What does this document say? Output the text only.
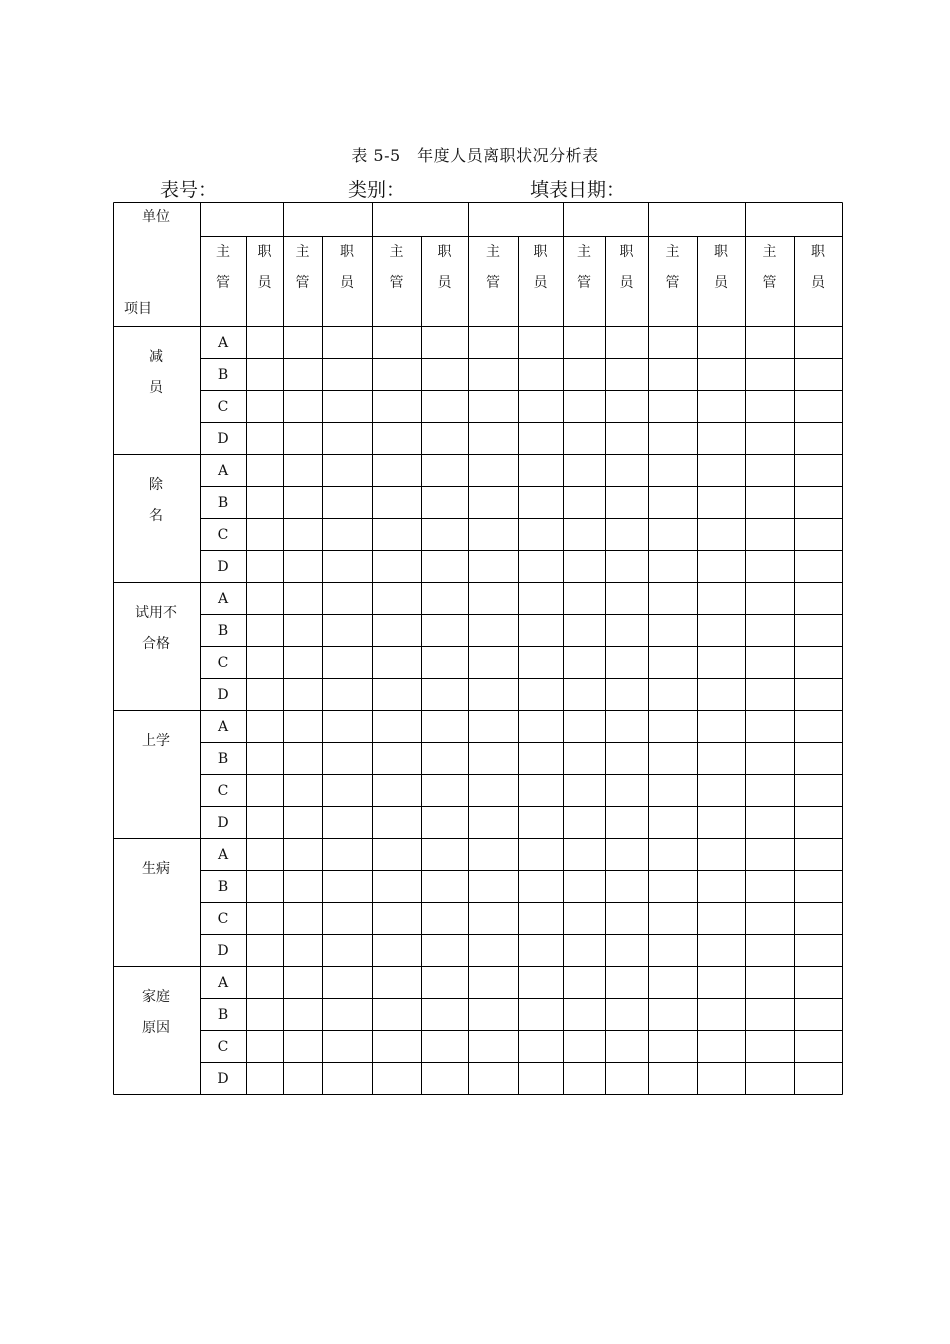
表 5-5　年度人员离职状况分析表
表号：	类别：	填表日期：
单位
项目
主
管
职
员
主
管
职
员
主
管
职
员
主
管
职
员
主
管
职
员
主
管
职
员
主
管
职
员
减
员
A
B
C
D
除
名
A
B
C
D
试用不
合格
A
B
C
D
上学
A
B
C
D
生病
A
B
C
D
家庭
原因
A
B
C
D
